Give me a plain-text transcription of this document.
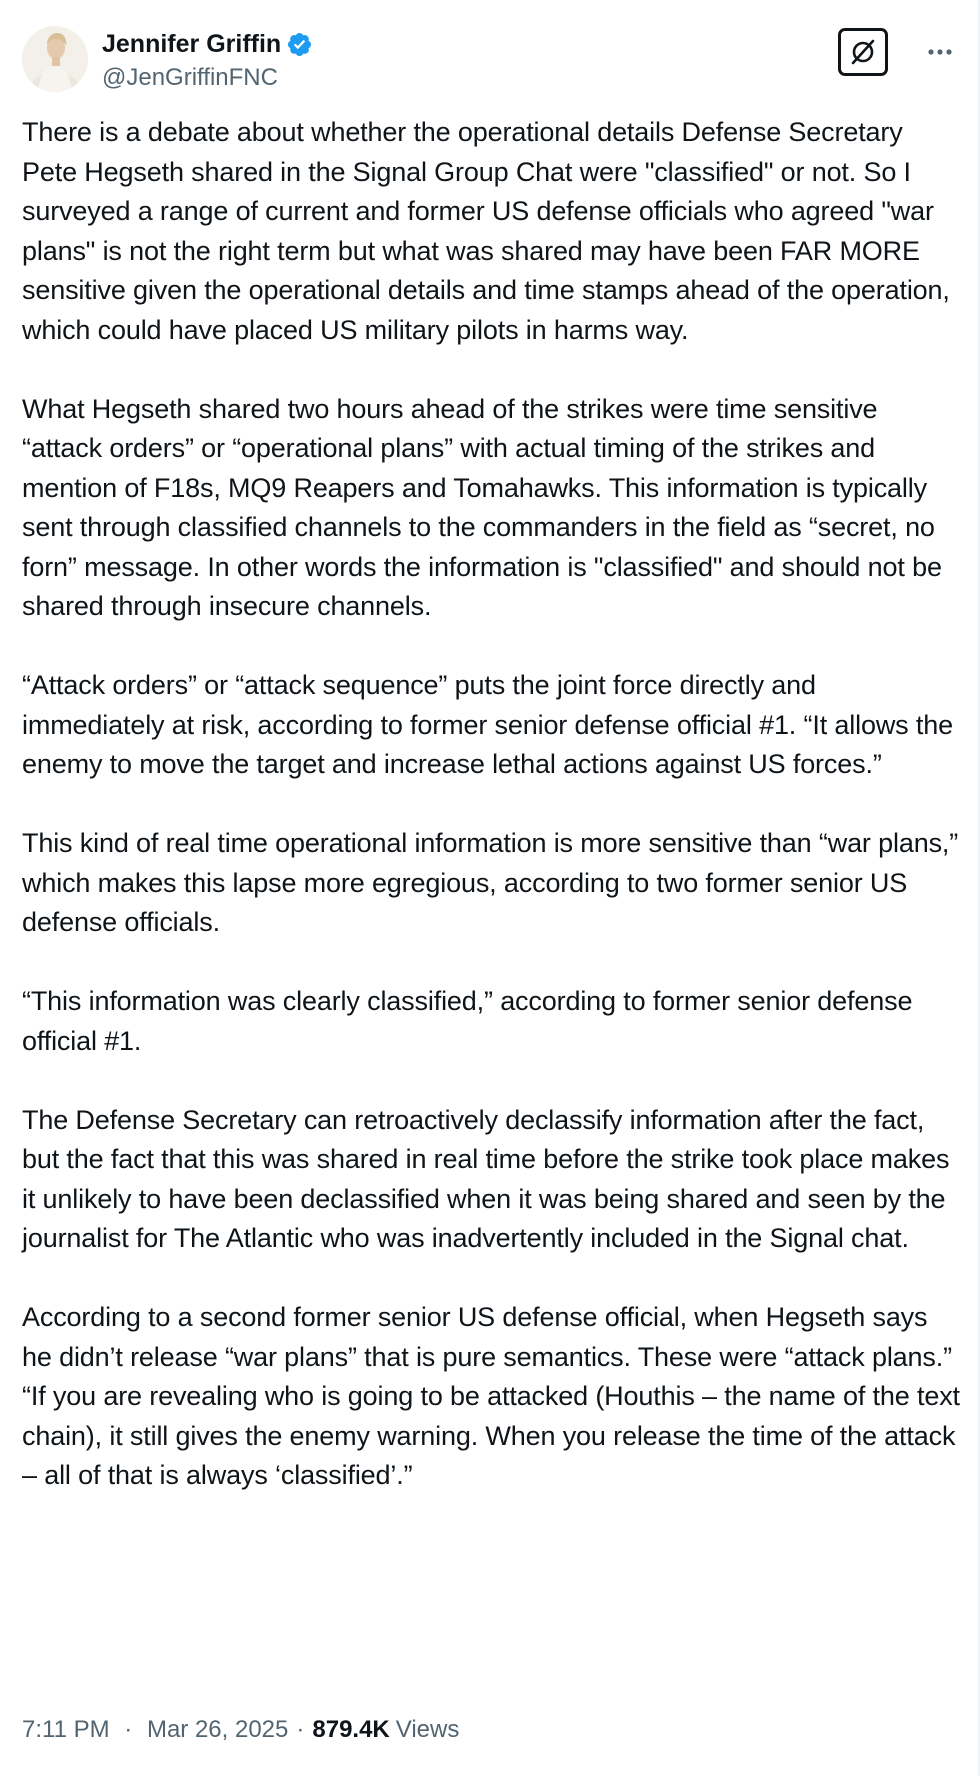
Jennifer Griffin
@JenGriffinFNC

There is a debate about whether the operational details Defense Secretary Pete Hegseth shared in the Signal Group Chat were "classified" or not. So I surveyed a range of current and former US defense officials who agreed "war plans" is not the right term but what was shared may have been FAR MORE sensitive given the operational details and time stamps ahead of the operation, which could have placed US military pilots in harms way.

What Hegseth shared two hours ahead of the strikes were time sensitive “attack orders” or “operational plans” with actual timing of the strikes and mention of F18s, MQ9 Reapers and Tomahawks. This information is typically sent through classified channels to the commanders in the field as “secret, no forn” message. In other words the information is "classified" and should not be shared through insecure channels.

“Attack orders” or “attack sequence” puts the joint force directly and immediately at risk, according to former senior defense official #1. “It allows the enemy to move the target and increase lethal actions against US forces.”

This kind of real time operational information is more sensitive than “war plans,” which makes this lapse more egregious, according to two former senior US defense officials.

“This information was clearly classified,” according to former senior defense official #1.

The Defense Secretary can retroactively declassify information after the fact, but the fact that this was shared in real time before the strike took place makes it unlikely to have been declassified when it was being shared and seen by the journalist for The Atlantic who was inadvertently included in the Signal chat.

According to a second former senior US defense official, when Hegseth says he didn’t release “war plans” that is pure semantics. These were “attack plans.” “If you are revealing who is going to be attacked (Houthis – the name of the text chain), it still gives the enemy warning. When you release the time of the attack – all of that is always ‘classified’.”

7:11 PM · Mar 26, 2025 · 879.4K Views
